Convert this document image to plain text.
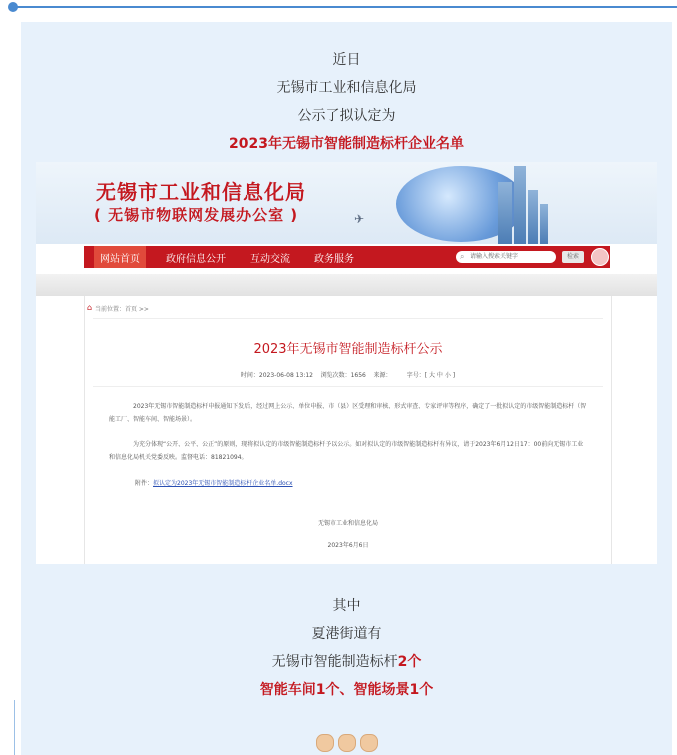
近日
无锡市工业和信息化局
公示了拟认定为
2023年无锡市智能制造标杆企业名单
✈
无锡市工业和信息化局
( 无锡市物联网发展办公室 )
网站首页	政府信息公开 互动交流 政务服务	请输入搜索关键字
⌕	检索
⌂ 当前位置：首页 >>
2023年无锡市智能制造标杆公示
时间：2023-06-08 13:12    浏览次数：1656    来源：        字号：[ 大 中 小 ]
2023年无锡市智能制造标杆申报通知下发后，经过网上公示、单位申报、市（县）区受理和审核、形式审查、专家评审等程序，确定了一批拟认定的市级智能制造标杆（智能工厂、智能车间、智能场景）。
为充分体现“公开、公平、公正”的原则，现将拟认定的市级智能制造标杆予以公示。如对拟认定的市级智能制造标杆有异议，请于2023年6月12日17：00前向无锡市工业和信息化局机关党委反映。监督电话：81821094。
附件：拟认定为2023年无锡市智能制造标杆企业名单.docx
无锡市工业和信息化局
2023年6月6日
其中
夏港街道有
无锡市智能制造标杆2个
智能车间1个、智能场景1个
